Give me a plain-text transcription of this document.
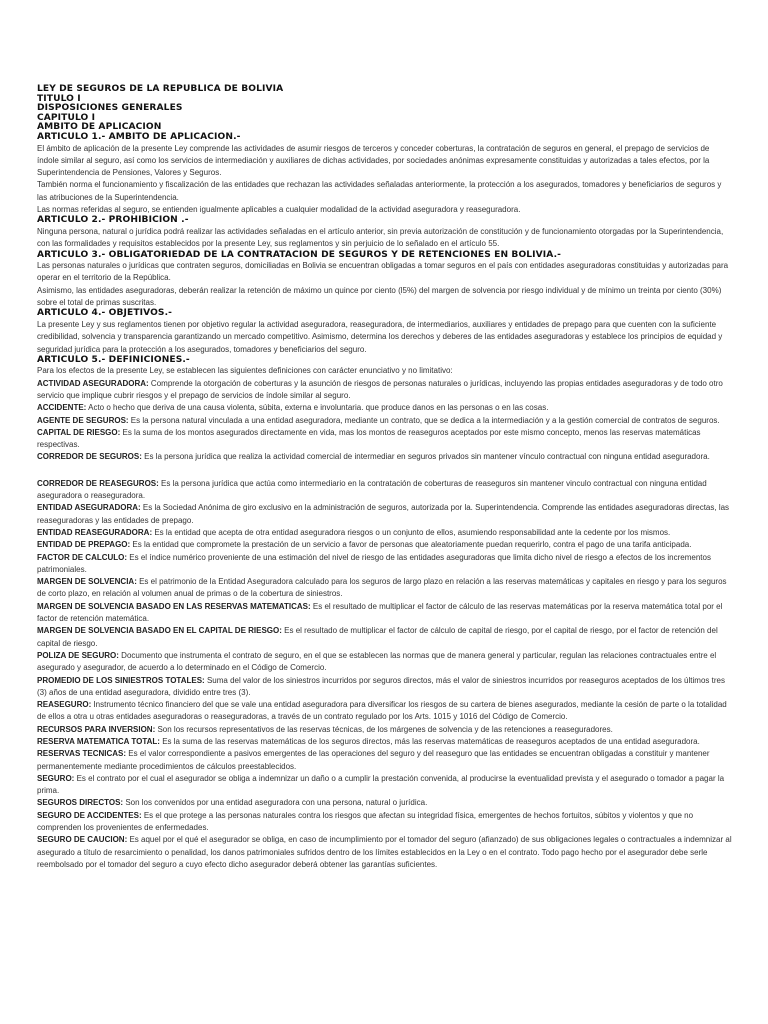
LEY DE SEGUROS DE LA REPUBLICA DE BOLIVIA
TITULO I
DISPOSICIONES GENERALES
CAPITULO I
AMBITO DE APLICACION
ARTICULO 1.- AMBITO DE APLICACION.-

El ámbito de aplicación de la presente Ley comprende las actividades de asumir riesgos de terceros y conceder coberturas, la contratación de seguros en general, el prepago de servicios de índole similar al seguro, así como los servicios de intermediación y auxiliares de dichas actividades, por sociedades anónimas expresamente constituidas y autorizadas a tales efectos, por la Superintendencia de Pensiones, Valores y Seguros.

También norma el funcionamiento y fiscalización de las entidades que rechazan las actividades señaladas anteriormente, la protección a los asegurados, tomadores y beneficiarios de seguros y las atribuciones de la Superintendencia.

Las normas referidas al seguro, se entienden igualmente aplicables a cualquier modalidad de la actividad aseguradora y reaseguradora.

ARTICULO 2.- PROHIBICION .-

Ninguna persona, natural o jurídica podrá realizar las actividades señaladas en el artículo anterior, sin previa autorización de constitución y de funcionamiento otorgadas por la Superintendencia, con las formalidades y requisitos establecidos por la presente Ley, sus reglamentos y sin perjuicio de lo señalado en el artículo 55.

ARTICULO 3.- OBLIGATORIEDAD DE LA CONTRATACION DE SEGUROS Y DE RETENCIONES EN BOLIVIA.-

Las personas naturales o jurídicas que contraten seguros, domiciliadas en Bolivia se encuentran obligadas a tomar seguros en el país con entidades aseguradoras constituidas y autorizadas para operar en el territorio de la República.

Asimismo, las entidades aseguradoras, deberán realizar la retención de máximo un quince por ciento (l5%) del margen de solvencia por riesgo individual y de mínimo un treinta por ciento (30%) sobre el total de primas suscritas.

ARTICULO 4.- OBJETIVOS.-

La presente Ley y sus reglamentos tienen por objetivo regular la actividad aseguradora, reaseguradora, de intermediarios, auxiliares y entidades de prepago para que cuenten con la suficiente credibilidad, solvencia y transparencia garantizando un mercado competitivo. Asimismo, determina los derechos y deberes de las entidades aseguradoras y establece los principios de equidad y seguridad jurídica para la protección a los asegurados, tomadores y beneficiarios del seguro.

ARTICULO 5.- DEFINICIONES.-

Para los efectos de la presente Ley, se establecen las siguientes definiciones con carácter enunciativo y no limitativo:

ACTIVIDAD ASEGURADORA: Comprende la otorgación de coberturas y la asunción de riesgos de personas naturales o jurídicas, incluyendo las propias entidades aseguradoras y de todo otro servicio que implique cubrir riesgos y el prepago de servicios de índole similar al seguro.

ACCIDENTE: Acto o hecho que deriva de una causa violenta, súbita, externa e involuntaria. que produce danos en las personas o en las cosas.

AGENTE DE SEGUROS: Es la persona natural vinculada a una entidad aseguradora, mediante un contrato, que se dedica a la intermediación y a la gestión comercial de contratos de seguros.

CAPITAL DE RIESGO: Es la suma de los montos asegurados directamente en vida, mas los montos de reaseguros aceptados por este mismo concepto, menos las reservas matemáticas respectivas.

CORREDOR DE SEGUROS: Es la persona jurídica que realiza la actividad comercial de intermediar en seguros privados sin mantener vínculo contractual con ninguna entidad aseguradora.

CORREDOR DE REASEGUROS: Es la persona jurídica que actúa como intermediario en la contratación de coberturas de reaseguros sin mantener vinculo contractual con ninguna entidad aseguradora o reaseguradora.

ENTIDAD ASEGURADORA: Es la Sociedad Anónima de giro exclusivo en la administración de seguros, autorizada por la. Superintendencia. Comprende las entidades aseguradoras directas, las reaseguradoras y las entidades de prepago.

ENTIDAD REASEGURADORA: Es la entidad que acepta de otra entidad aseguradora riesgos o un conjunto de ellos, asumiendo responsabilidad ante la cedente por los mismos.

ENTIDAD DE PREPAGO: Es la entidad que compromete la prestación de un servicio a favor de personas que aleatoriamente puedan requerirlo, contra el pago de una tarifa anticipada.

FACTOR DE CALCULO: Es el índice numérico proveniente de una estimación del nivel de riesgo de las entidades aseguradoras que limita dicho nivel de riesgo a efectos de los incrementos patrimoniales.

MARGEN DE SOLVENCIA: Es el patrimonio de la Entidad Aseguradora calculado para los seguros de largo plazo en relación a las reservas matemáticas y capitales en riesgo y para los seguros de corto plazo, en relación al volumen anual de primas o de la cobertura de siniestros.

MARGEN DE SOLVENCIA BASADO EN LAS RESERVAS MATEMATICAS: Es el resultado de multiplicar el factor de cálculo de las reservas matemáticas por la reserva matemática total por el factor de retención matemática.

MARGEN DE SOLVENCIA BASADO EN EL CAPITAL DE RIESGO: Es el resultado de multiplicar el factor de cálculo de capital de riesgo, por el capital de riesgo, por el factor de retención del capital de riesgo.

POLIZA DE SEGURO: Documento que instrumenta el contrato de seguro, en el que se establecen las normas que de manera general y particular, regulan las relaciones contractuales entre el asegurado y asegurador, de acuerdo a lo determinado en el Código de Comercio.

PROMEDIO DE LOS SINIESTROS TOTALES: Suma del valor de los siniestros incurridos por seguros directos, más el valor de siniestros incurridos por reaseguros aceptados de los últimos tres (3) años de una entidad aseguradora, dividido entre tres (3).

REASEGURO: Instrumento técnico financiero del que se vale una entidad aseguradora para diversificar los riesgos de su cartera de bienes asegurados, mediante la cesión de parte o la totalidad de ellos a otra u otras entidades aseguradoras o reaseguradoras, a través de un contrato regulado por los Arts. 1015 y 1016 del Código de Comercio.

RECURSOS PARA INVERSION: Son los recursos representativos de las reservas técnicas, de los márgenes de solvencia y de las retenciones a reaseguradores.

RESERVA MATEMATICA TOTAL: Es la suma de las reservas matemáticas de los seguros directos, más las reservas matemáticas de reaseguros aceptados de una entidad aseguradora.

RESERVAS TECNICAS: Es el valor correspondiente a pasivos emergentes de las operaciones del seguro y del reaseguro que las entidades se encuentran obligadas a constituir y mantener permanentemente mediante procedimientos de cálculos preestablecidos.

SEGURO: Es el contrato por el cual el asegurador se obliga a indemnizar un daño o a cumplir la prestación convenida, al producirse la eventualidad prevista y el asegurado o tomador a pagar la prima.

SEGUROS DIRECTOS: Son los convenidos por una entidad aseguradora con una persona, natural o jurídica.

SEGURO DE ACCIDENTES: Es el que protege a las personas naturales contra los riesgos que afectan su integridad física, emergentes de hechos fortuitos, súbitos y violentos y que no comprenden los provenientes de enfermedades.

SEGURO DE CAUCION: Es aquel por el qué el asegurador se obliga, en caso de incumplimiento por el tomador del seguro (afianzado) de sus obligaciones legales o contractuales a indemnizar al asegurado a título de resarcimiento o penalidad, los danos patrimoniales sufridos dentro de los límites establecidos en la Ley o en el contrato. Todo pago hecho por el asegurador debe serle reembolsado por el tomador del seguro a cuyo efecto dicho asegurador deberá obtener las garantías suficientes.
